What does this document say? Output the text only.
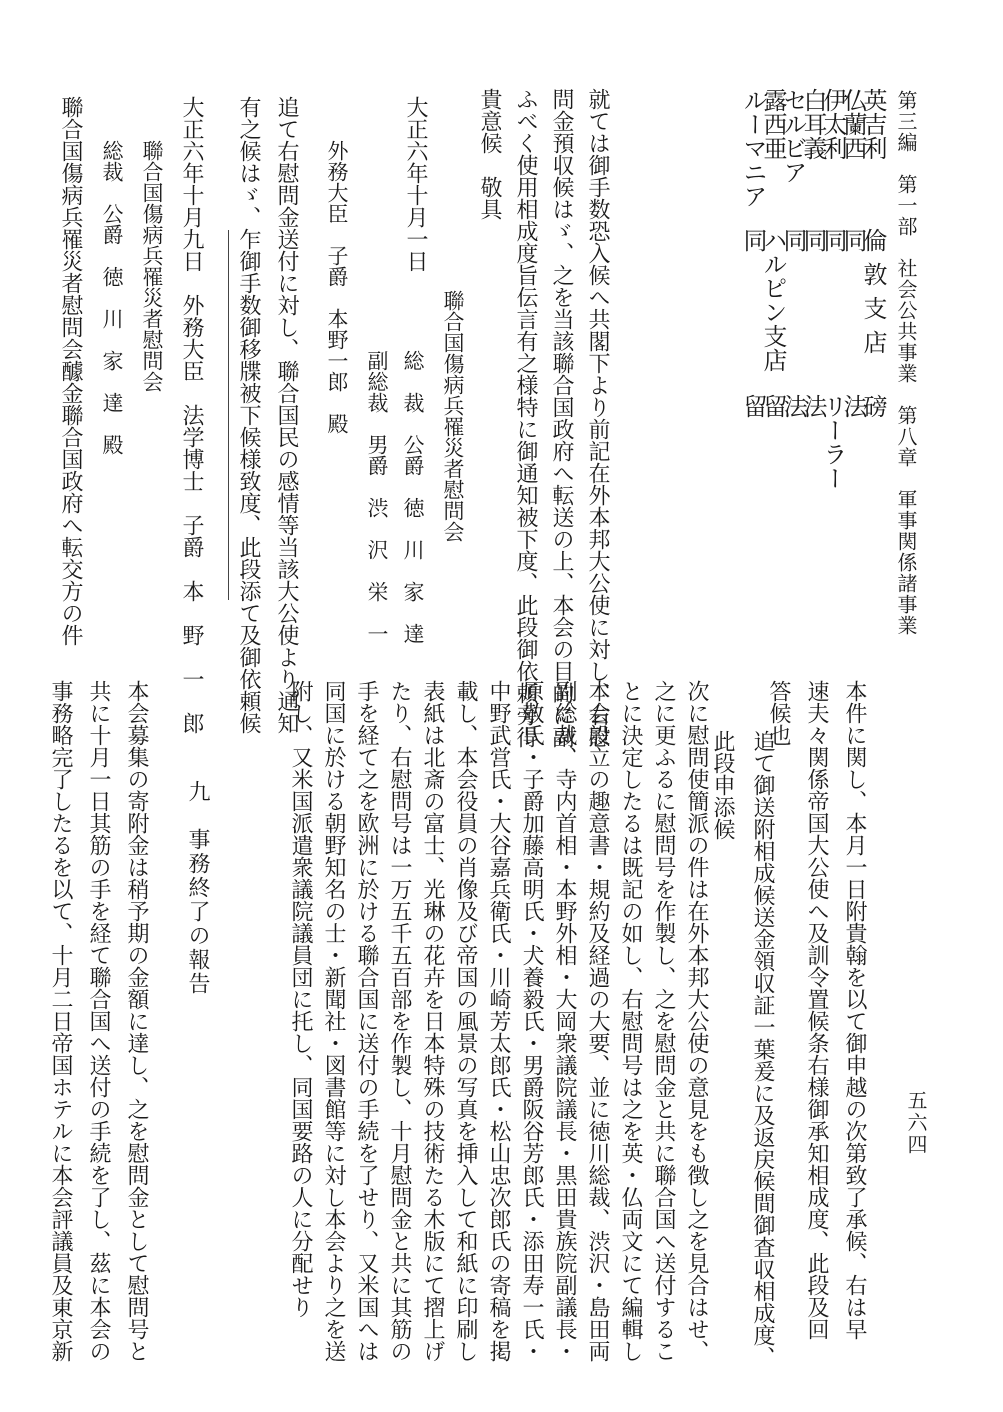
第三編　第一部　社会公共事業　第八章　軍事関係諸事業
五六四
英吉利
倫敦支店
磅
仏蘭西
同
法
伊太利
同
リーラー
白耳義
同
法
セルビア
同
法
露西亜
ハルピン支店
留
ルーマニア
同
留
就ては御手数恐入候へ共閣下より前記在外本邦大公使に対し、右慰
問金預収候はゞ、之を当該聯合国政府へ転送の上、本会の目的に副
ふべく使用相成度旨伝言有之様特に御通知被下度、此段御依頼旁得
貴意候　敬具
大正六年十月一日
聯合国傷病兵罹災者慰問会
総　裁　公爵　徳　川　家　達
副総裁　男爵　渋　沢　栄　一
外務大臣　子爵　本野一郎　殿
追て右慰問金送付に対し、聯合国民の感情等当該大公使より通知
有之候はゞ、乍御手数御移牒被下候様致度、此段添て及御依頼候
大正六年十月九日　外務大臣　法学博士　子爵　本　野　一　郎
聯合国傷病兵罹災者慰問会
総裁　公爵　徳　川　家　達　殿
聯合国傷病兵罹災者慰問会醵金聯合国政府へ転交方の件
本件に関し、本月一日附貴翰を以て御申越の次第致了承候、右は早
速夫々関係帝国大公使へ及訓令置候条右様御承知相成度、此段及回
答候也
追て御送附相成候送金領収証一葉爰に及返戻候間御査収相成度、
此段申添候
次に慰問使簡派の件は在外本邦大公使の意見をも徴し之を見合はせ、
之に更ふるに慰問号を作製し、之を慰問金と共に聯合国へ送付するこ
とに決定したるは既記の如し、右慰問号は之を英・仏両文にて編輯し
本会設立の趣意書・規約及経過の大要、並に徳川総裁、渋沢・島田両
副総裁、寺内首相・本野外相・大岡衆議院議長・黒田貴族院副議長・
原敬氏・子爵加藤高明氏・犬養毅氏・男爵阪谷芳郎氏・添田寿一氏・
中野武営氏・大谷嘉兵衛氏・川崎芳太郎氏・松山忠次郎氏の寄稿を掲
載し、本会役員の肖像及び帝国の風景の写真を挿入して和紙に印刷し
表紙は北斎の富士、光琳の花卉を日本特殊の技術たる木版にて摺上げ
たり、右慰問号は一万五千五百部を作製し、十月慰問金と共に其筋の
手を経て之を欧洲に於ける聯合国に送付の手続を了せり、又米国へは
同国に於ける朝野知名の士・新聞社・図書館等に対し本会より之を送
附し、又米国派遣衆議院議員団に托し、同国要路の人に分配せり
九　事務終了の報告
本会募集の寄附金は稍予期の金額に達し、之を慰問金として慰問号と
共に十月一日其筋の手を経て聯合国へ送付の手続を了し、茲に本会の
事務略完了したるを以て、十月二日帝国ホテルに本会評議員及東京新
